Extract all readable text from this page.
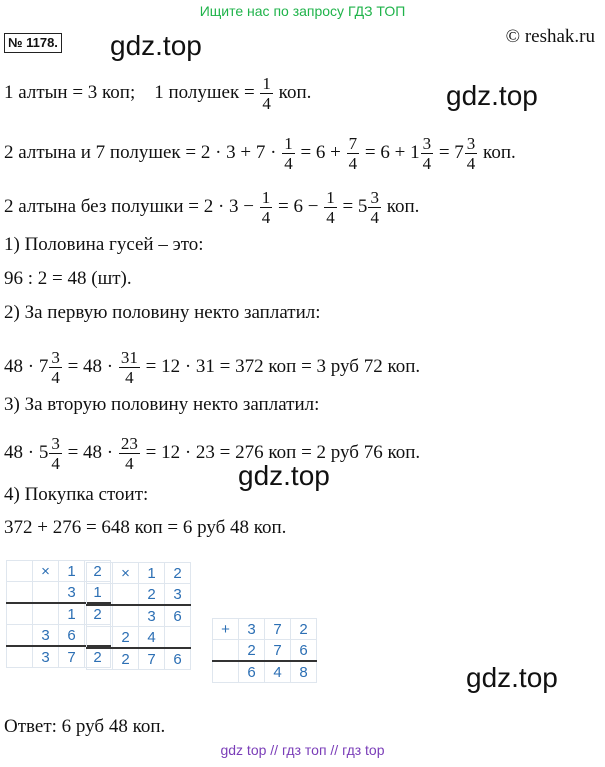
Ищите нас по запросу ГДЗ ТОП
№ 1178. gdz.top	© reshak.ru
gdz.top
1 алтын = 3 коп; 1 полушек = $\frac{1}{4}$ коп.
2 алтына и 7 полушек = $2 \cdot 3 + 7 \cdot \frac{1}{4} = 6 + \frac{7}{4} = 6 + 1 \frac{3}{4} = 7 \frac{3}{4}$ коп.
2 алтына без полушки = $2 \cdot 3 - \frac{1}{4} = 6 - \frac{1}{4} = 5 \frac{3}{4}$ коп.
1) Половина гусей – это:
96 : 2 = 48 (шт).
2) За первую половину некто заплатил:
$48 \cdot 7 \frac{3}{4} = 48 \cdot \frac{31}{4} = 12 \cdot 31 = 372$ коп = 3 руб 72 коп.
3) За вторую половину некто заплатил:
$48 \cdot 5 \frac{3}{4} = 48 \cdot \frac{23}{4} = 12 \cdot 23 = 276$ коп = 2 руб 76 коп.
gdz.top
4) Покупка стоит:
372 + 276 = 648 коп = 6 руб 48 коп.
	×	1	2
		3	1
		1	2
	3	6	
	3	7	2
	×	1	2
		2	3
		3	6
	2	4	
	2	7	6
+	3	7	2
	2	7	6
	6	4	8	gdz.top
Ответ: 6 руб 48 коп.
gdz top // гдз топ // гдз top
